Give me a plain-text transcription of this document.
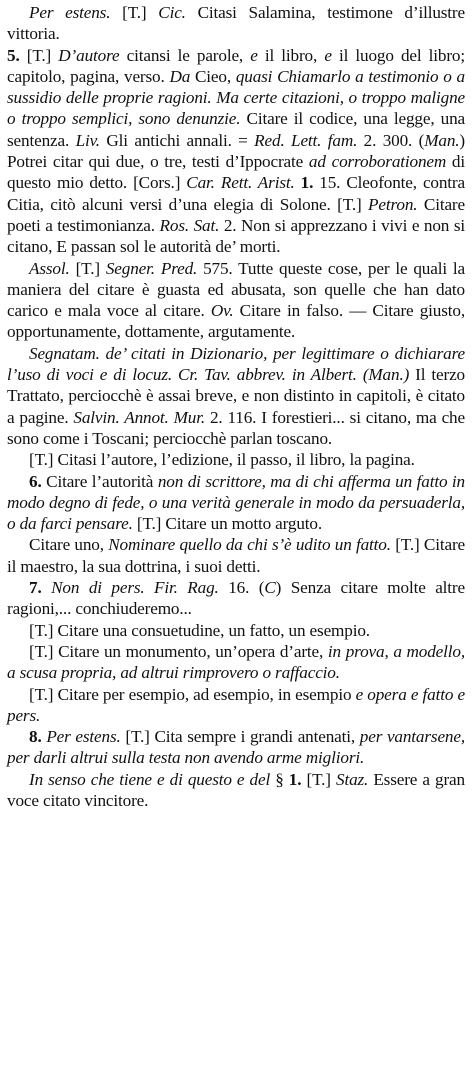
Per estens. [T.] Cic. Citasi Salamina, testimone d’illustre vittoria.

5. [T.] D’autore citansi le parole, e il libro, e il luogo del libro; capitolo, pagina, verso. Da Cieo, quasi Chiamarlo a testimonio o a sussidio delle proprie ragioni. Ma certe citazioni, o troppo maligne o troppo semplici, sono denunzie. Citare il codice, una legge, una sentenza. Liv. Gli antichi annali. = Red. Lett. fam. 2. 300. (Man.) Potrei citar qui due, o tre, testi d’Ippocrate ad corroborationem di questo mio detto. [Cors.] Car. Rett. Arist. 1. 15. Cleofonte, contra Citia, citò alcuni versi d’una elegia di Solone. [T.] Petron. Citare poeti a testimonianza. Ros. Sat. 2. Non si apprezzano i vivi e non si citano, E passan sol le autorità de’ morti.

Assol. [T.] Segner. Pred. 575. Tutte queste cose, per le quali la maniera del citare è guasta ed abusata, son quelle che han dato carico e mala voce al citare. Ov. Citare in falso. — Citare giusto, opportunamente, dottamente, argutamente.

Segnatam. de’ citati in Dizionario, per legittimare o dichiarare l’uso di voci e di locuz. Cr. Tav. abbrev. in Albert. (Man.) Il terzo Trattato, perciocchè è assai breve, e non distinto in capitoli, è citato a pagine. Salvin. Annot. Mur. 2. 116. I forestieri... si citano, ma che sono come i Toscani; perciocchè parlan toscano.

[T.] Citasi l’autore, l’edizione, il passo, il libro, la pagina.

6. Citare l’autorità non di scrittore, ma di chi afferma un fatto in modo degno di fede, o una verità generale in modo da persuaderla, o da farci pensare. [T.] Citare un motto arguto.

Citare uno, Nominare quello da chi s’è udito un fatto. [T.] Citare il maestro, la sua dottrina, i suoi detti.

7. Non di pers. Fir. Rag. 16. (C) Senza citare molte altre ragioni,... conchiuderemo...

[T.] Citare una consuetudine, un fatto, un esempio.

[T.] Citare un monumento, un’opera d’arte, in prova, a modello, a scusa propria, ad altrui rimprovero o raffaccio.

[T.] Citare per esempio, ad esempio, in esempio e opera e fatto e pers.

8. Per estens. [T.] Cita sempre i grandi antenati, per vantarsene, per darli altrui sulla testa non avendo arme migliori.

In senso che tiene e di questo e del § 1. [T.] Staz. Essere a gran voce citato vincitore.
